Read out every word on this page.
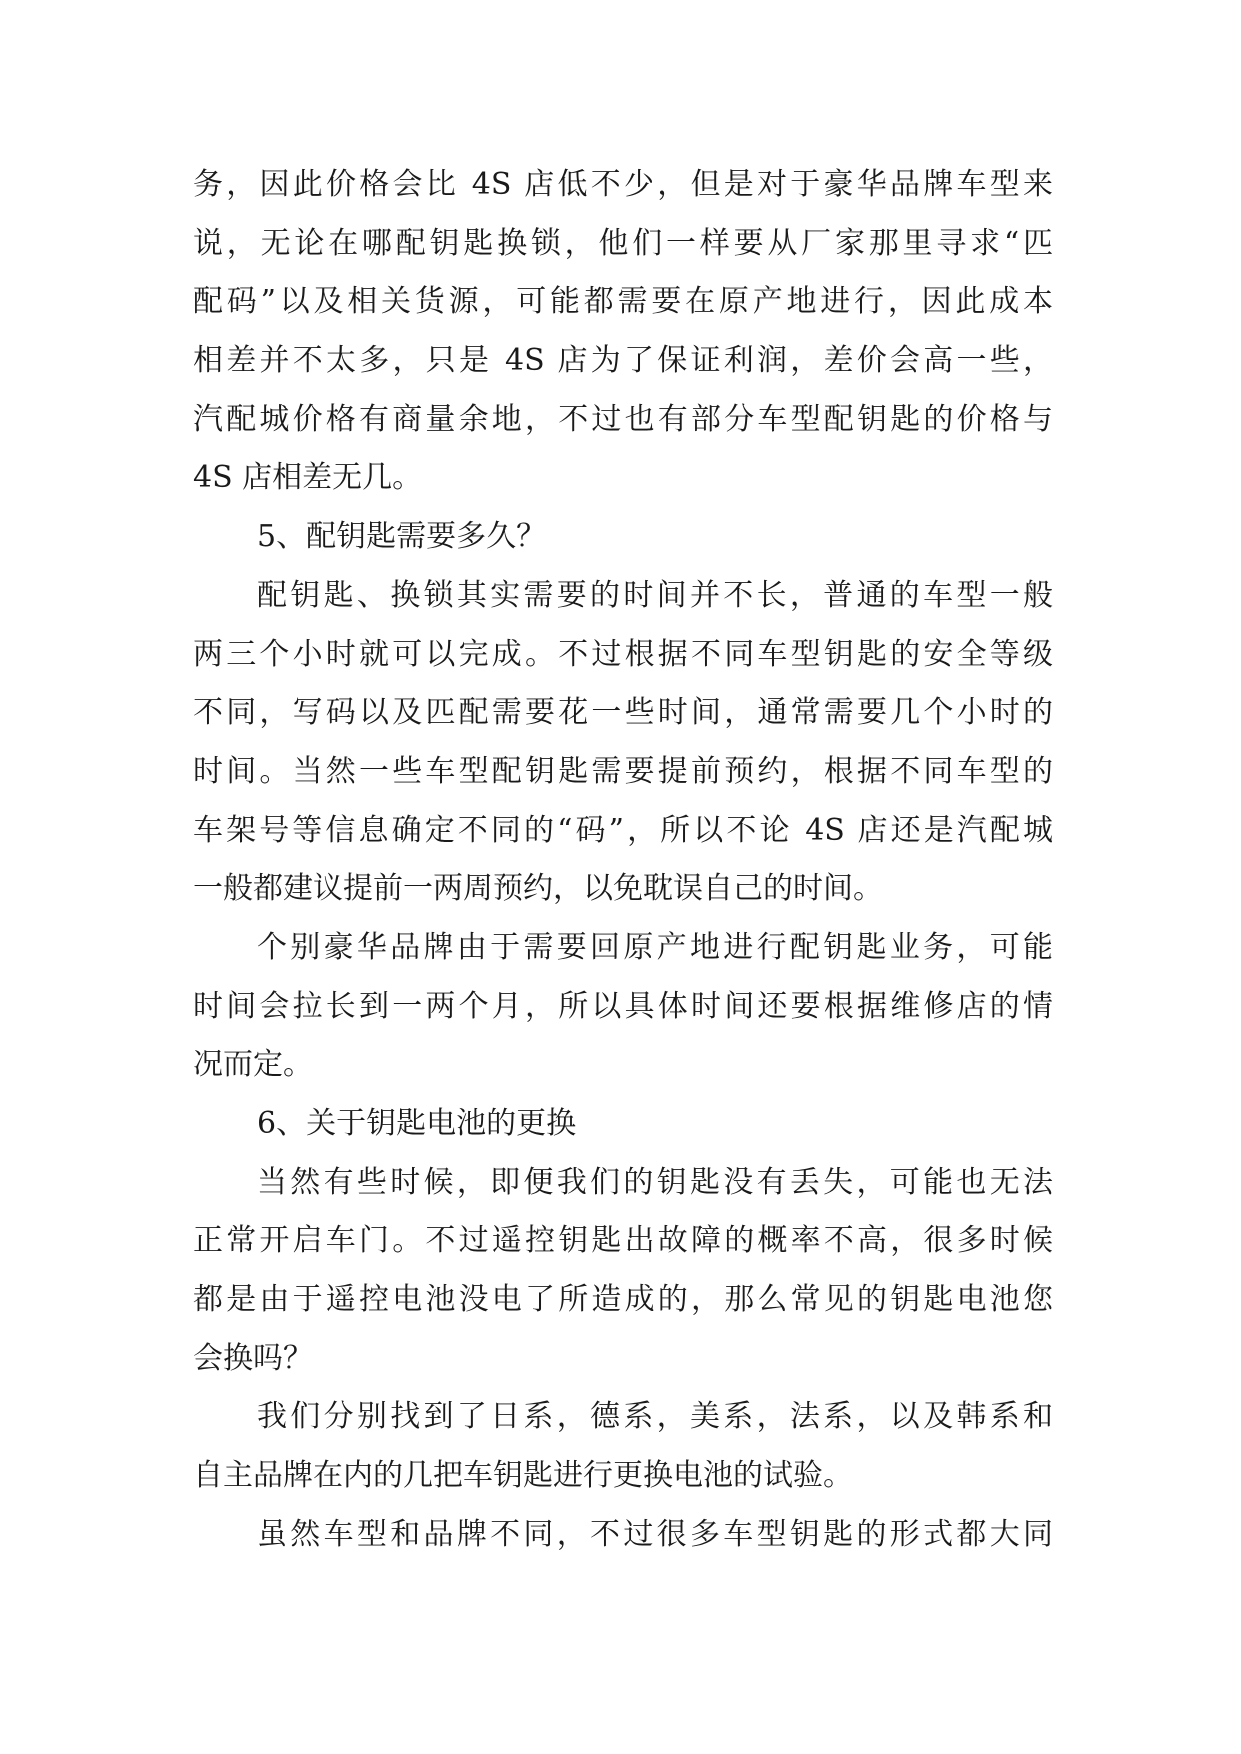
务，因此价格会比 4S 店低不少，但是对于豪华品牌车型来
说，无论在哪配钥匙换锁，他们一样要从厂家那里寻求“匹
配码”以及相关货源，可能都需要在原产地进行，因此成本
相差并不太多，只是 4S 店为了保证利润，差价会高一些，
汽配城价格有商量余地，不过也有部分车型配钥匙的价格与
4S 店相差无几。
5、配钥匙需要多久？
配钥匙、换锁其实需要的时间并不长，普通的车型一般
两三个小时就可以完成。不过根据不同车型钥匙的安全等级
不同，写码以及匹配需要花一些时间，通常需要几个小时的
时间。当然一些车型配钥匙需要提前预约，根据不同车型的
车架号等信息确定不同的“码”，所以不论 4S 店还是汽配城
一般都建议提前一两周预约，以免耽误自己的时间。
个别豪华品牌由于需要回原产地进行配钥匙业务，可能
时间会拉长到一两个月，所以具体时间还要根据维修店的情
况而定。
6、关于钥匙电池的更换
当然有些时候，即便我们的钥匙没有丢失，可能也无法
正常开启车门。不过遥控钥匙出故障的概率不高，很多时候
都是由于遥控电池没电了所造成的，那么常见的钥匙电池您
会换吗？
我们分别找到了日系，德系，美系，法系，以及韩系和
自主品牌在内的几把车钥匙进行更换电池的试验。
虽然车型和品牌不同，不过很多车型钥匙的形式都大同
